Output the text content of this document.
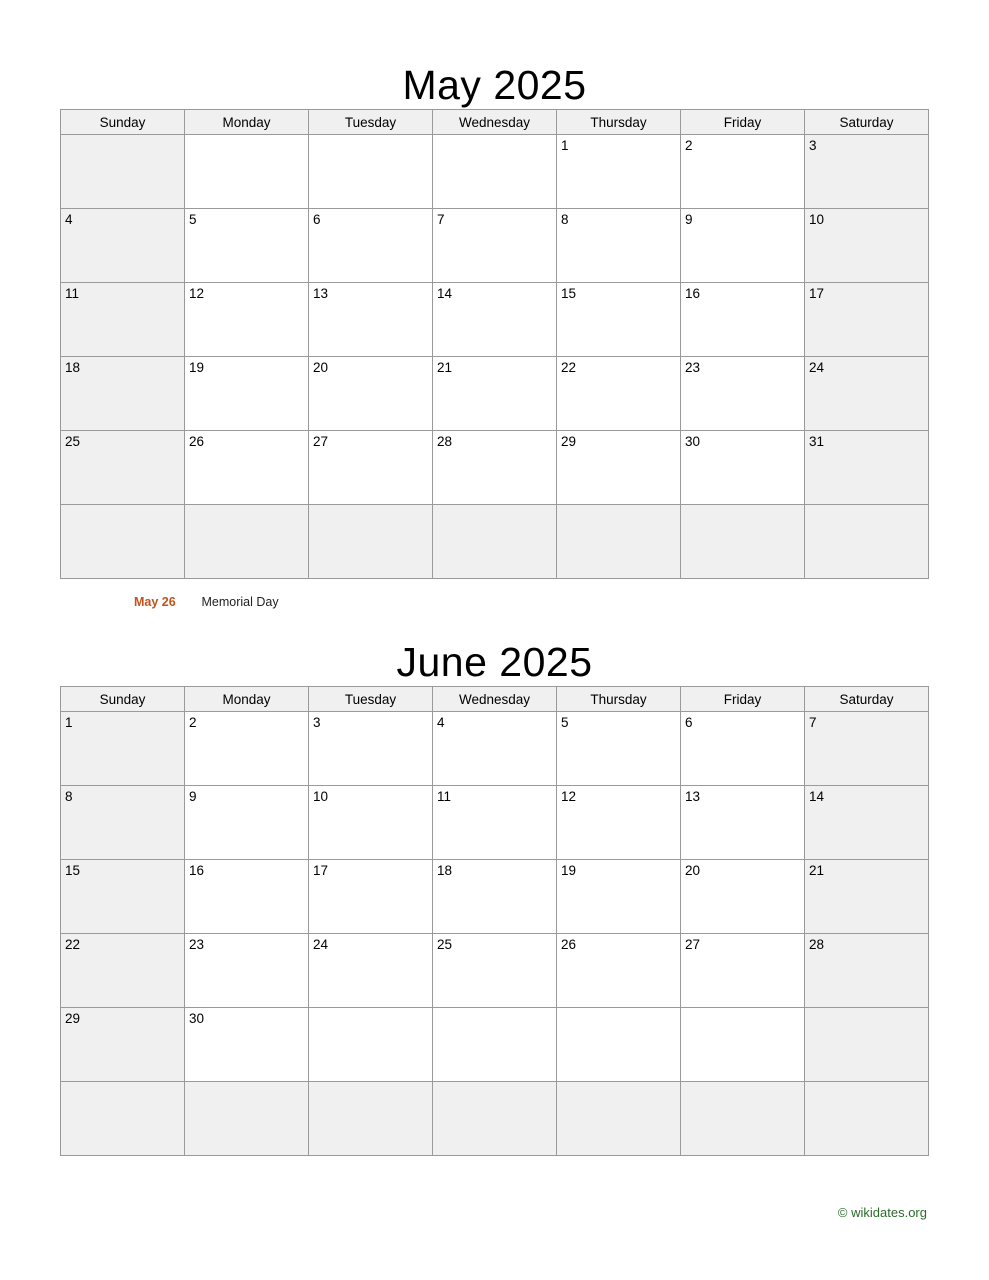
May 2025
Sunday	Monday	Tuesday	Wednesday	Thursday	Friday	Saturday
				1	2	3
4	5	6	7	8	9	10
11	12	13	14	15	16	17
18	19	20	21	22	23	24
25	26	27	28	29	30	31

May 26 Memorial Day

June 2025
Sunday	Monday	Tuesday	Wednesday	Thursday	Friday	Saturday
1	2	3	4	5	6	7
8	9	10	11	12	13	14
15	16	17	18	19	20	21
22	23	24	25	26	27	28
29	30					

© wikidates.org
